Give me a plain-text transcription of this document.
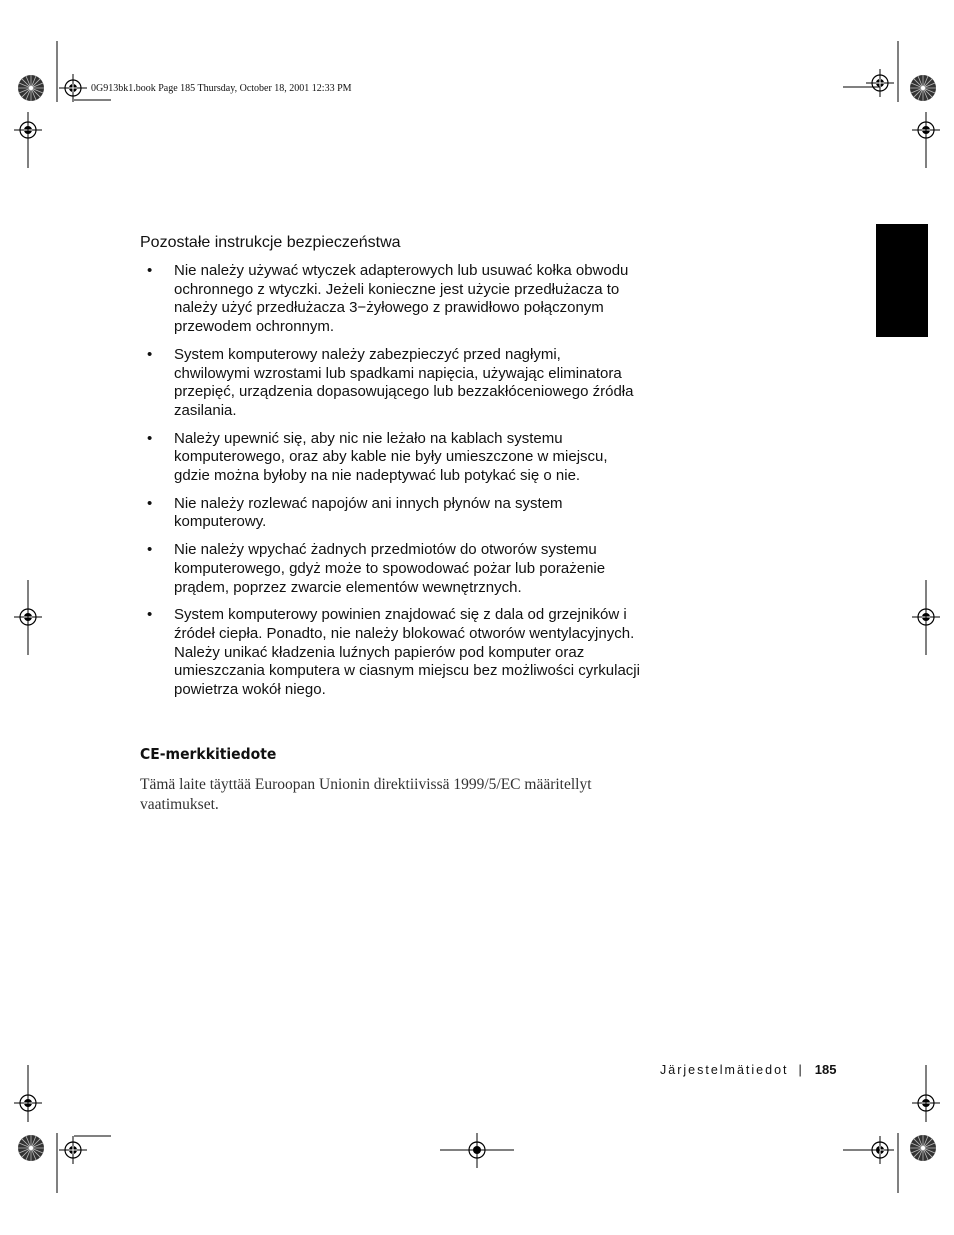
0G913bk1.book Page 185 Thursday, October 18, 2001 12:33 PM
Pozostałe instrukcje bezpieczeństwa
• Nie należy używać wtyczek adapterowych lub usuwać kołka obwodu ochronnego z wtyczki. Jeżeli konieczne jest użycie przedłużacza to należy użyć przedłużacza 3−żyłowego z prawidłowo połączonym przewodem ochronnym.
• System komputerowy należy zabezpieczyć przed nagłymi, chwilowymi wzrostami lub spadkami napięcia, używając eliminatora przepięć, urządzenia dopasowującego lub bezzakłóceniowego źródła zasilania.
• Należy upewnić się, aby nic nie leżało na kablach systemu komputerowego, oraz aby kable nie były umieszczone w miejscu, gdzie można byłoby na nie nadeptywać lub potykać się o nie.
• Nie należy rozlewać napojów ani innych płynów na system komputerowy.
• Nie należy wpychać żadnych przedmiotów do otworów systemu komputerowego, gdyż może to spowodować pożar lub porażenie prądem, poprzez zwarcie elementów wewnętrznych.
• System komputerowy powinien znajdować się z dala od grzejników i źródeł ciepła. Ponadto, nie należy blokować otworów wentylacyjnych. Należy unikać kładzenia luźnych papierów pod komputer oraz umieszczania komputera w ciasnym miejscu bez możliwości cyrkulacji powietrza wokół niego.
CE-merkkitiedote
Tämä laite täyttää Euroopan Unionin direktiivissä 1999/5/EC määritellyt vaatimukset.
Järjestelmätiedot | 185
